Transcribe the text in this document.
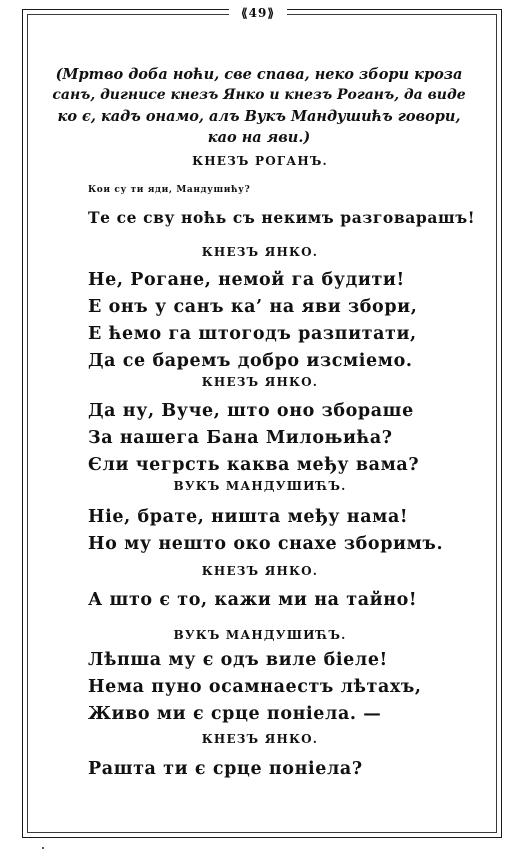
⟪49⟫
(Мртво доба ноћи, све спава, неко збори кроза
санъ, дигнисе кнезъ Янко и кнезъ Роганъ, да виде
ко є, кадъ онамо, алъ Вукъ Мандушићъ говори,
као на яви.)
КНЕЗЪ РОГАНЪ.
Кои су ти яди, Мандушићу?
Те се сву ноћь съ некимъ разговарашъ!
КНЕЗЪ ЯНКО.
Не, Рогане, немой га будити!
Е онъ у санъ ка’ на яви збори,
Е ћемо га штогодъ разпитати,
Да се баремъ добро изсміемо.
КНЕЗЪ ЯНКО.
Да ну, Вуче, што оно збораше
За нашега Бана Милоњића?
Єли чегрсть каква међу вама?
ВУКЪ МАНДУШИЋЪ.
Ніе, брате, ништа међу нама!
Но му нешто око снахе зборимъ.
КНЕЗЪ ЯНКО.
А што є то, кажи ми на тайно!
ВУКЪ МАНДУШИЋЪ.
Лѣпша му є одъ виле біеле!
Нема пуно осамнаестъ лѣтахъ,
Живо ми є срце поніела. —
КНЕЗЪ ЯНКО.
Рашта ти є срце поніела?
